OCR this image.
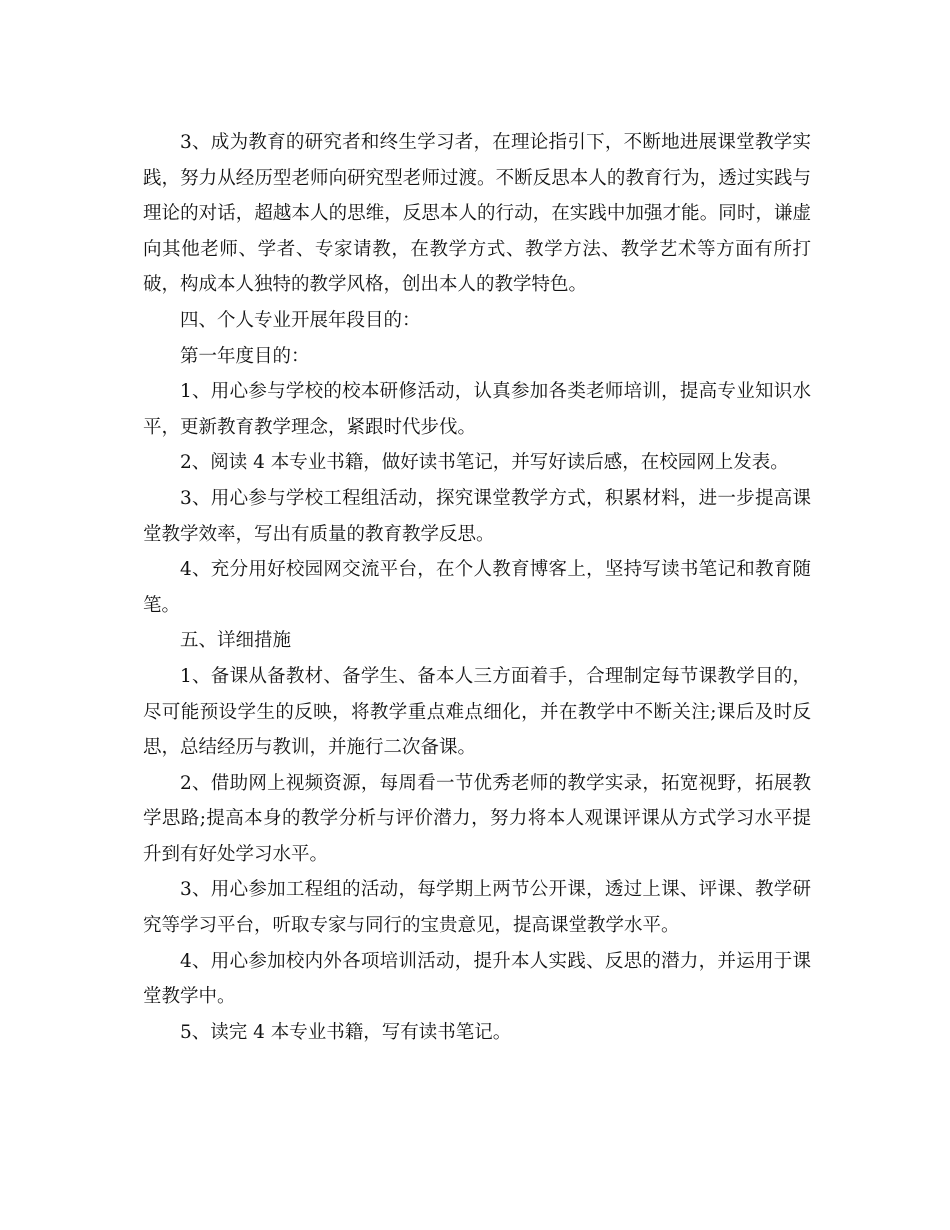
3、成为教育的研究者和终生学习者，在理论指引下，不断地进展课堂教学实践，努力从经历型老师向研究型老师过渡。不断反思本人的教育行为，透过实践与理论的对话，超越本人的思维，反思本人的行动，在实践中加强才能。同时，谦虚向其他老师、学者、专家请教，在教学方式、教学方法、教学艺术等方面有所打破，构成本人独特的教学风格，创出本人的教学特色。

四、个人专业开展年段目的：

第一年度目的：

1、用心参与学校的校本研修活动，认真参加各类老师培训，提高专业知识水平，更新教育教学理念，紧跟时代步伐。

2、阅读 4 本专业书籍，做好读书笔记，并写好读后感，在校园网上发表。

3、用心参与学校工程组活动，探究课堂教学方式，积累材料，进一步提高课堂教学效率，写出有质量的教育教学反思。

4、充分用好校园网交流平台，在个人教育博客上，坚持写读书笔记和教育随笔。

五、详细措施

1、备课从备教材、备学生、备本人三方面着手，合理制定每节课教学目的，尽可能预设学生的反映，将教学重点难点细化，并在教学中不断关注;课后及时反思，总结经历与教训，并施行二次备课。

2、借助网上视频资源，每周看一节优秀老师的教学实录，拓宽视野，拓展教学思路;提高本身的教学分析与评价潜力，努力将本人观课评课从方式学习水平提升到有好处学习水平。

3、用心参加工程组的活动，每学期上两节公开课，透过上课、评课、教学研究等学习平台，听取专家与同行的宝贵意见，提高课堂教学水平。

4、用心参加校内外各项培训活动，提升本人实践、反思的潜力，并运用于课堂教学中。

5、读完 4 本专业书籍，写有读书笔记。
